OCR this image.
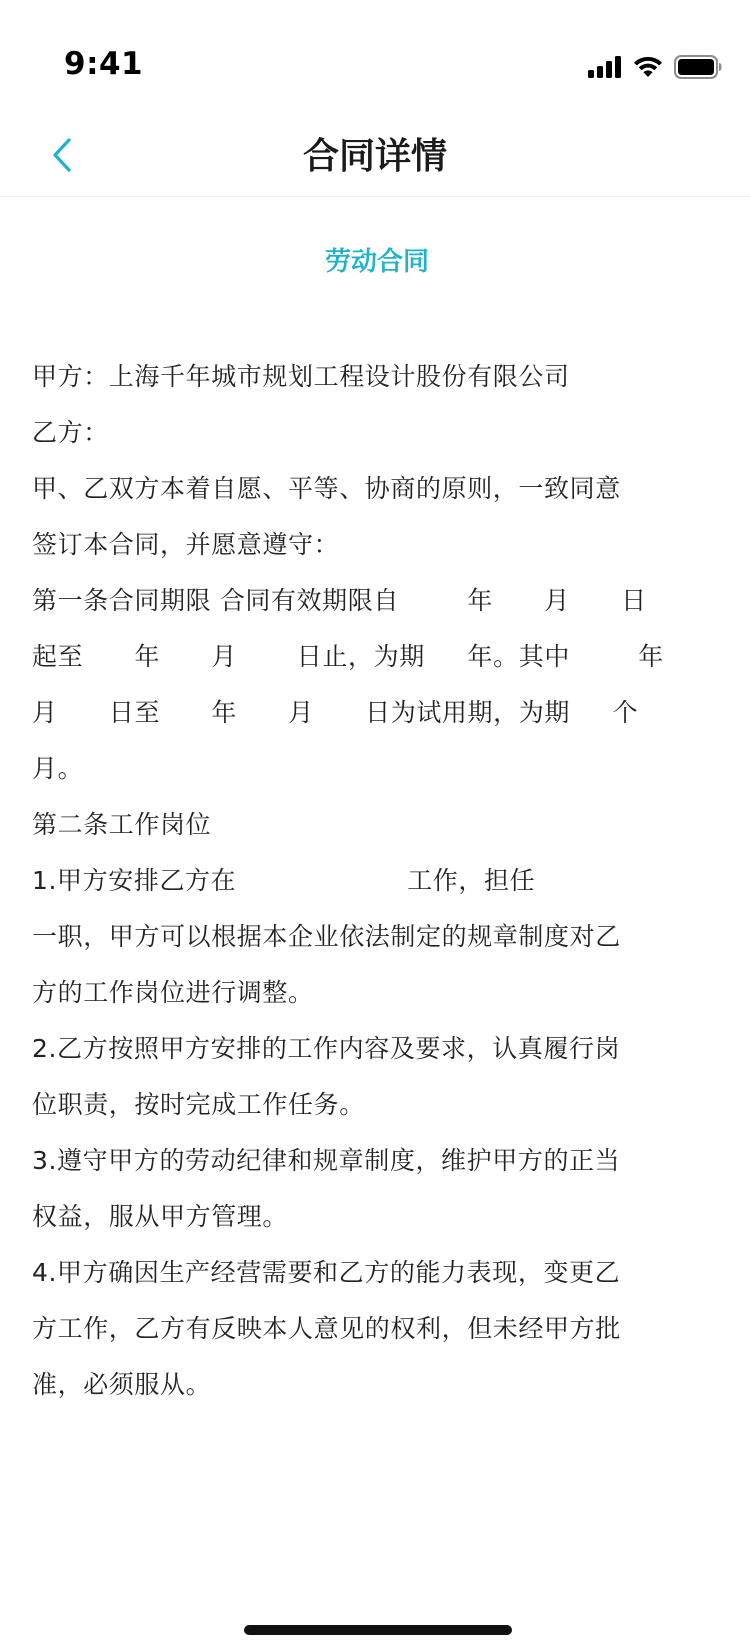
9:41
合同详情
劳动合同

甲方：上海千年城市规划工程设计股份有限公司

乙方：

甲、乙双方本着自愿、平等、协商的原则，一致同意

签订本合同，并愿意遵守：

第一条合同期限 合同有效期限自        年      月      日

起至      年      月       日止，为期     年。其中        年

月      日至      年      月      日为试用期，为期     个

月。

第二条工作岗位

1.甲方安排乙方在                    工作，担任

一职，甲方可以根据本企业依法制定的规章制度对乙

方的工作岗位进行调整。

2.乙方按照甲方安排的工作内容及要求，认真履行岗

位职责，按时完成工作任务。

3.遵守甲方的劳动纪律和规章制度，维护甲方的正当

权益，服从甲方管理。

4.甲方确因生产经营需要和乙方的能力表现，变更乙

方工作，乙方有反映本人意见的权利，但未经甲方批

准，必须服从。
